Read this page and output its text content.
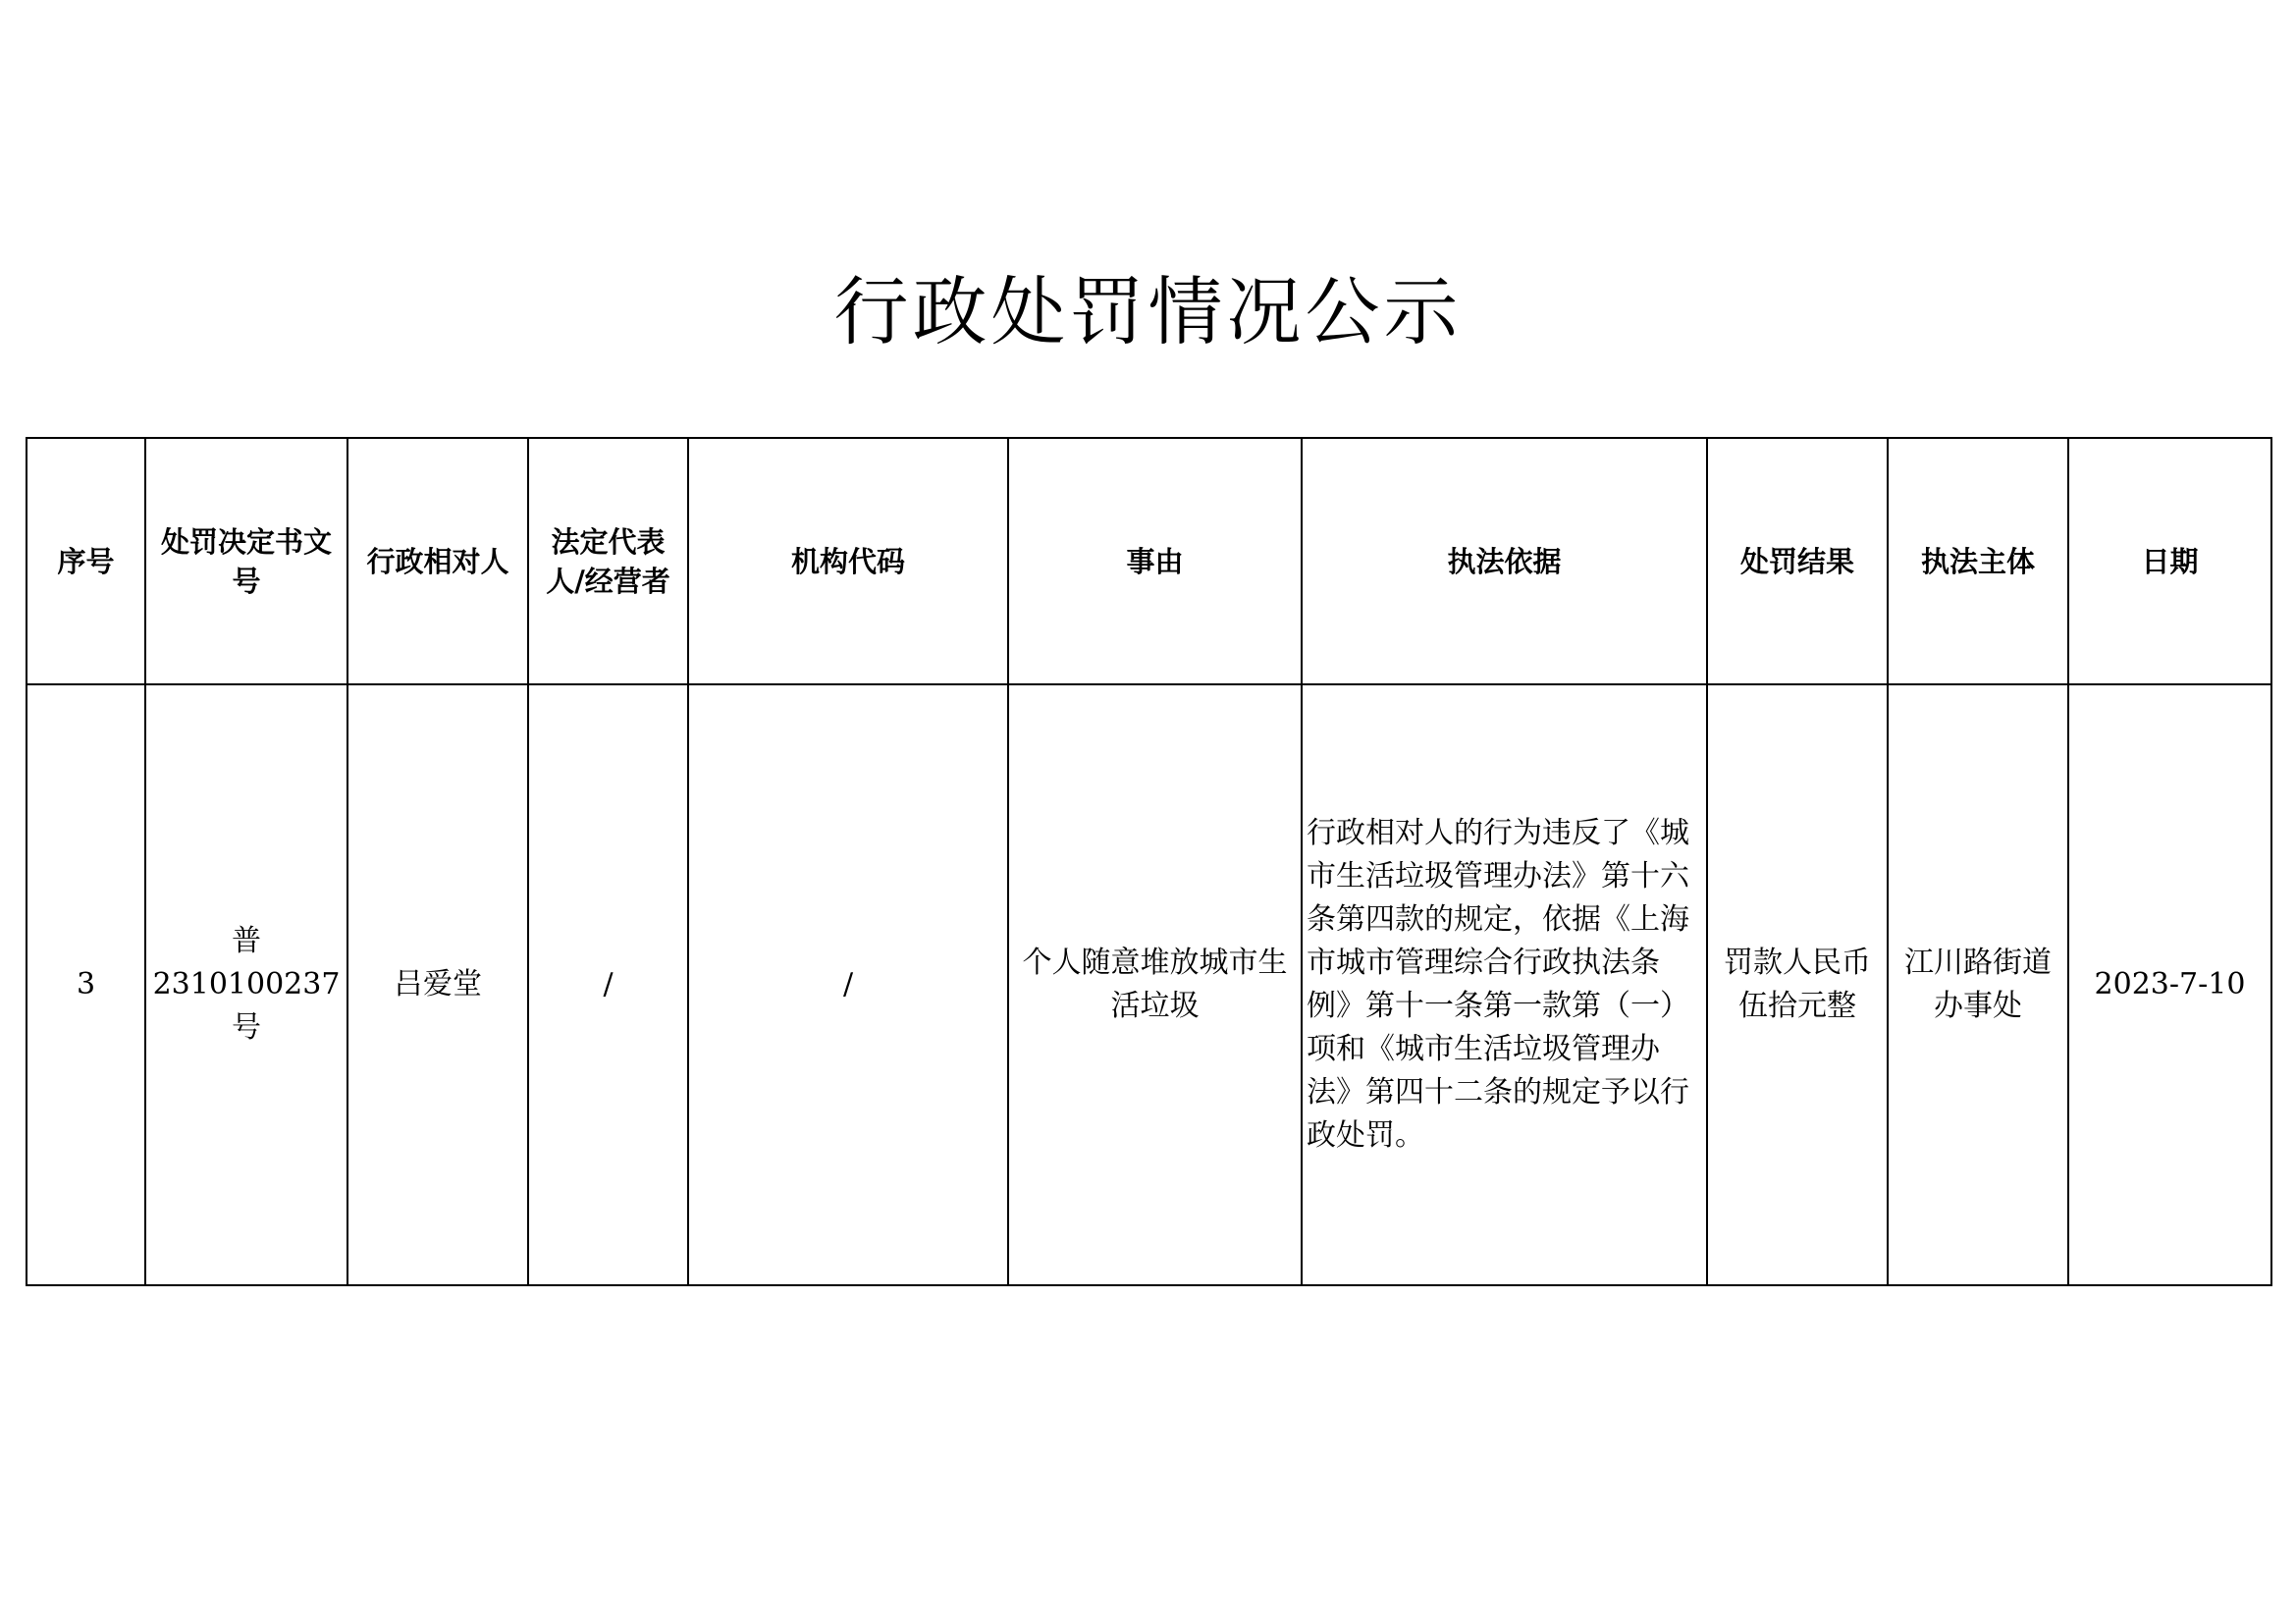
行政处罚情况公示
序号	处罚决定书文号	行政相对人	法定代表人/经营者	机构代码	事由	执法依据	处罚结果	执法主体	日期
3	普2310100237号	吕爱堂	/	/	个人随意堆放城市生活垃圾	行政相对人的行为违反了《城市生活垃圾管理办法》第十六条第四款的规定，依据《上海市城市管理综合行政执法条例》第十一条第一款第（一）项和《城市生活垃圾管理办法》第四十二条的规定予以行政处罚。	罚款人民币伍拾元整	江川路街道办事处	2023-7-10
